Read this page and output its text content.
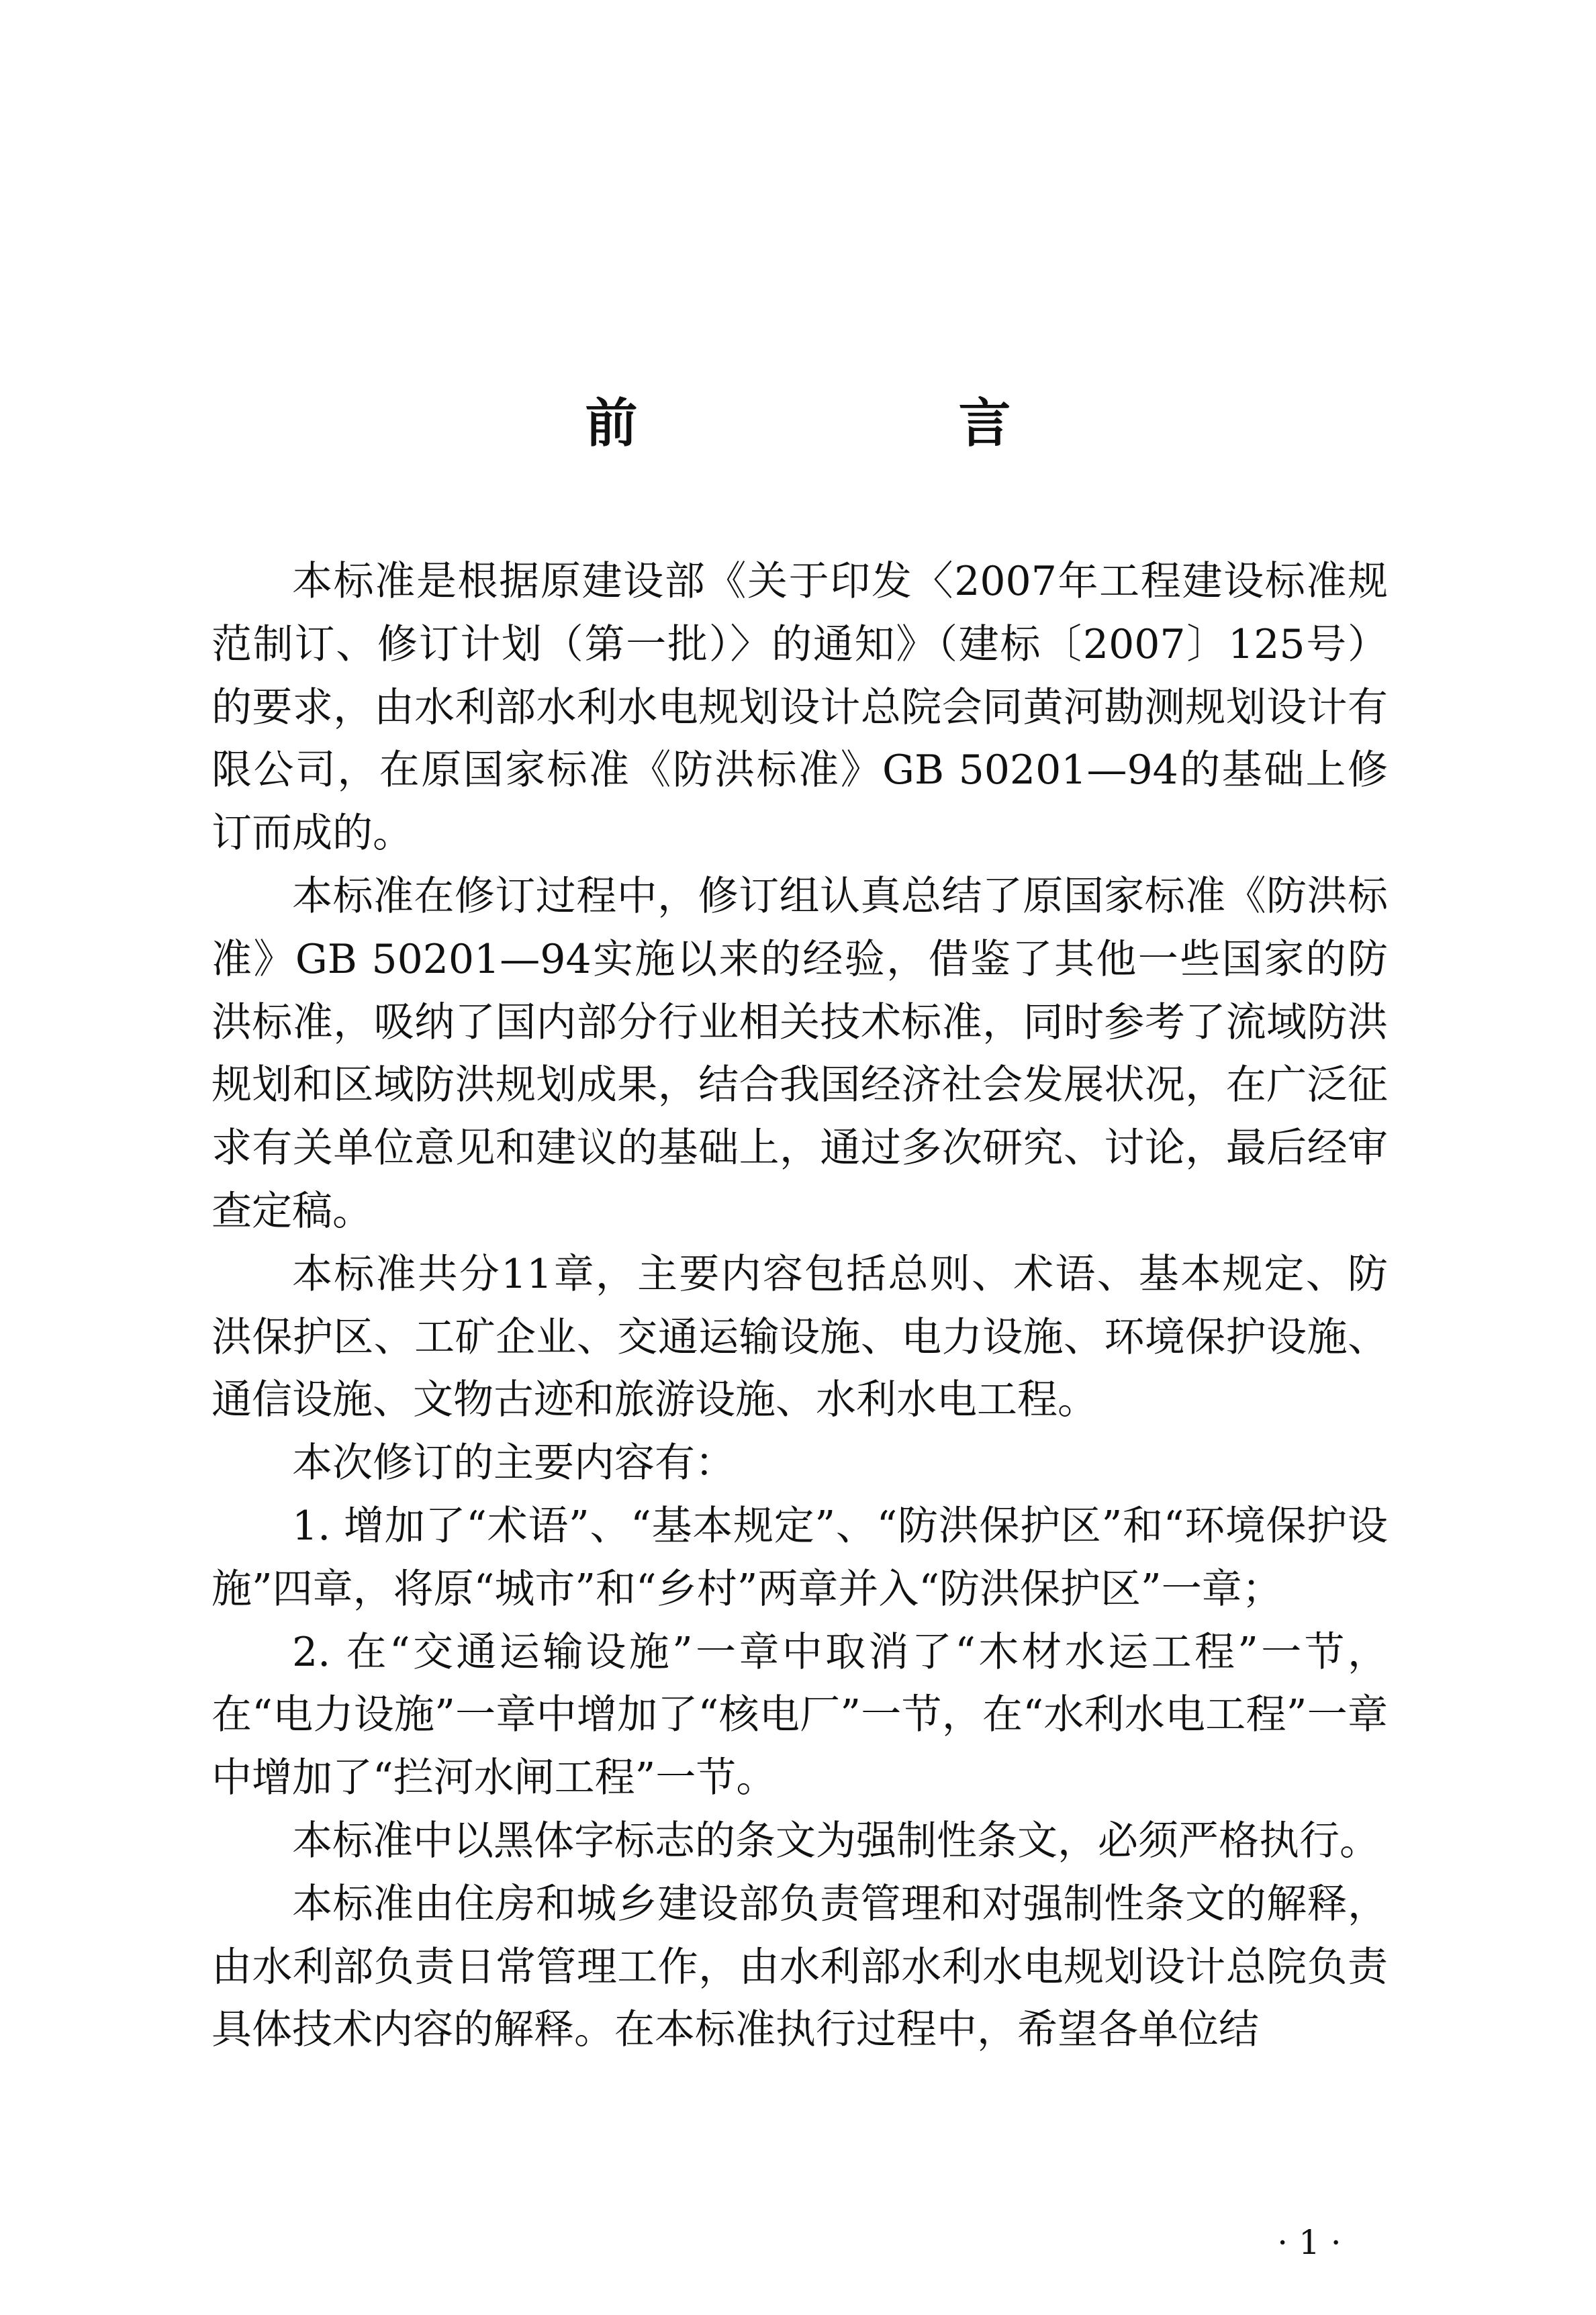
前　言

本标准是根据原建设部《关于印发〈2007年工程建设标准规范制订、修订计划（第一批）〉的通知》（建标〔2007〕125号）的要求，由水利部水利水电规划设计总院会同黄河勘测规划设计有限公司，在原国家标准《防洪标准》GB 50201—94的基础上修订而成的。

本标准在修订过程中，修订组认真总结了原国家标准《防洪标准》GB 50201—94实施以来的经验，借鉴了其他一些国家的防洪标准，吸纳了国内部分行业相关技术标准，同时参考了流域防洪规划和区域防洪规划成果，结合我国经济社会发展状况，在广泛征求有关单位意见和建议的基础上，通过多次研究、讨论，最后经审查定稿。

本标准共分11章，主要内容包括总则、术语、基本规定、防洪保护区、工矿企业、交通运输设施、电力设施、环境保护设施、通信设施、文物古迹和旅游设施、水利水电工程。

本次修订的主要内容有：

1. 增加了“术语”、“基本规定”、“防洪保护区”和“环境保护设施”四章，将原“城市”和“乡村”两章并入“防洪保护区”一章；

2. 在“交通运输设施”一章中取消了“木材水运工程”一节，在“电力设施”一章中增加了“核电厂”一节，在“水利水电工程”一章中增加了“拦河水闸工程”一节。

本标准中以黑体字标志的条文为强制性条文，必须严格执行。

本标准由住房和城乡建设部负责管理和对强制性条文的解释，由水利部负责日常管理工作，由水利部水利水电规划设计总院负责具体技术内容的解释。在本标准执行过程中，希望各单位结

· 1 ·
